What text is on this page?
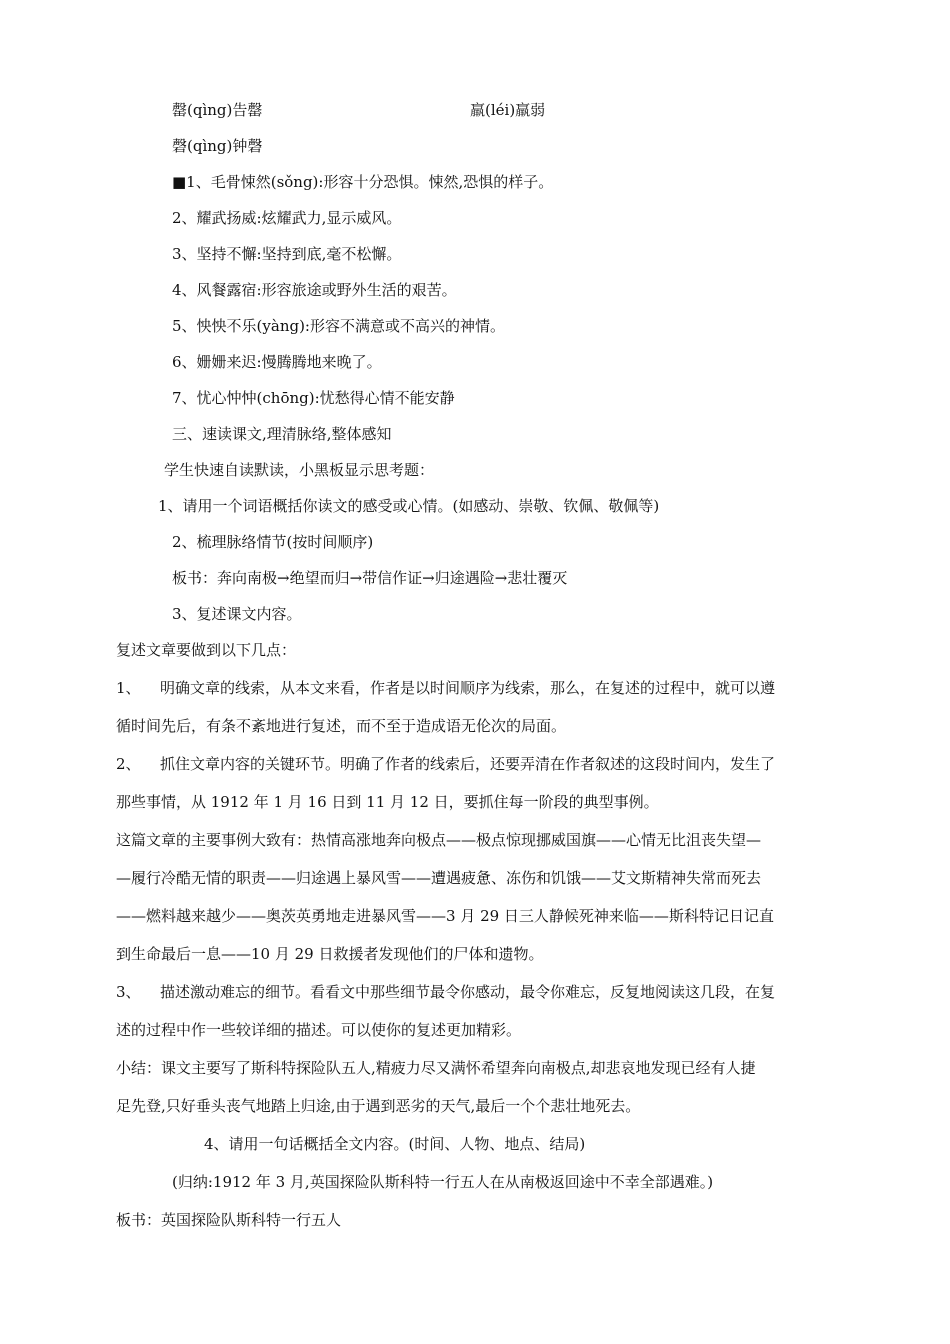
罄(qìng)告罄	羸(léi)羸弱
磬(qìng)钟磬
■1、毛骨悚然(sǒng):形容十分恐惧。悚然,恐惧的样子。
2、耀武扬威:炫耀武力,显示威风。
3、坚持不懈:坚持到底,毫不松懈。
4、风餐露宿:形容旅途或野外生活的艰苦。
5、怏怏不乐(yàng):形容不满意或不高兴的神情。
6、姗姗来迟:慢腾腾地来晚了。
7、忧心忡忡(chōng):忧愁得心情不能安静
三、速读课文,理清脉络,整体感知
学生快速自读默读，小黑板显示思考题：
1、请用一个词语概括你读文的感受或心情。(如感动、崇敬、钦佩、敬佩等)
2、梳理脉络情节(按时间顺序)
板书：奔向南极→绝望而归→带信作证→归途遇险→悲壮覆灭
3、复述课文内容。
复述文章要做到以下几点：
1、 明确文章的线索，从本文来看，作者是以时间顺序为线索，那么，在复述的过程中，就可以遵
循时间先后，有条不紊地进行复述，而不至于造成语无伦次的局面。
2、 抓住文章内容的关键环节。明确了作者的线索后，还要弄清在作者叙述的这段时间内，发生了
那些事情，从 1912 年 1 月 16 日到 11 月 12 日，要抓住每一阶段的典型事例。
这篇文章的主要事例大致有：热情高涨地奔向极点——极点惊现挪威国旗——心情无比沮丧失望—
—履行冷酷无情的职责——归途遇上暴风雪——遭遇疲惫、冻伤和饥饿——艾文斯精神失常而死去
——燃料越来越少——奥茨英勇地走进暴风雪——3 月 29 日三人静候死神来临——斯科特记日记直
到生命最后一息——10 月 29 日救援者发现他们的尸体和遗物。
3、 描述激动难忘的细节。看看文中那些细节最令你感动，最令你难忘，反复地阅读这几段，在复
述的过程中作一些较详细的描述。可以使你的复述更加精彩。
小结：课文主要写了斯科特探险队五人,精疲力尽又满怀希望奔向南极点,却悲哀地发现已经有人捷
足先登,只好垂头丧气地踏上归途,由于遇到恶劣的天气,最后一个个悲壮地死去。
4、请用一句话概括全文内容。(时间、人物、地点、结局)
(归纳:1912 年 3 月,英国探险队斯科特一行五人在从南极返回途中不幸全部遇难。)
板书：英国探险队斯科特一行五人
